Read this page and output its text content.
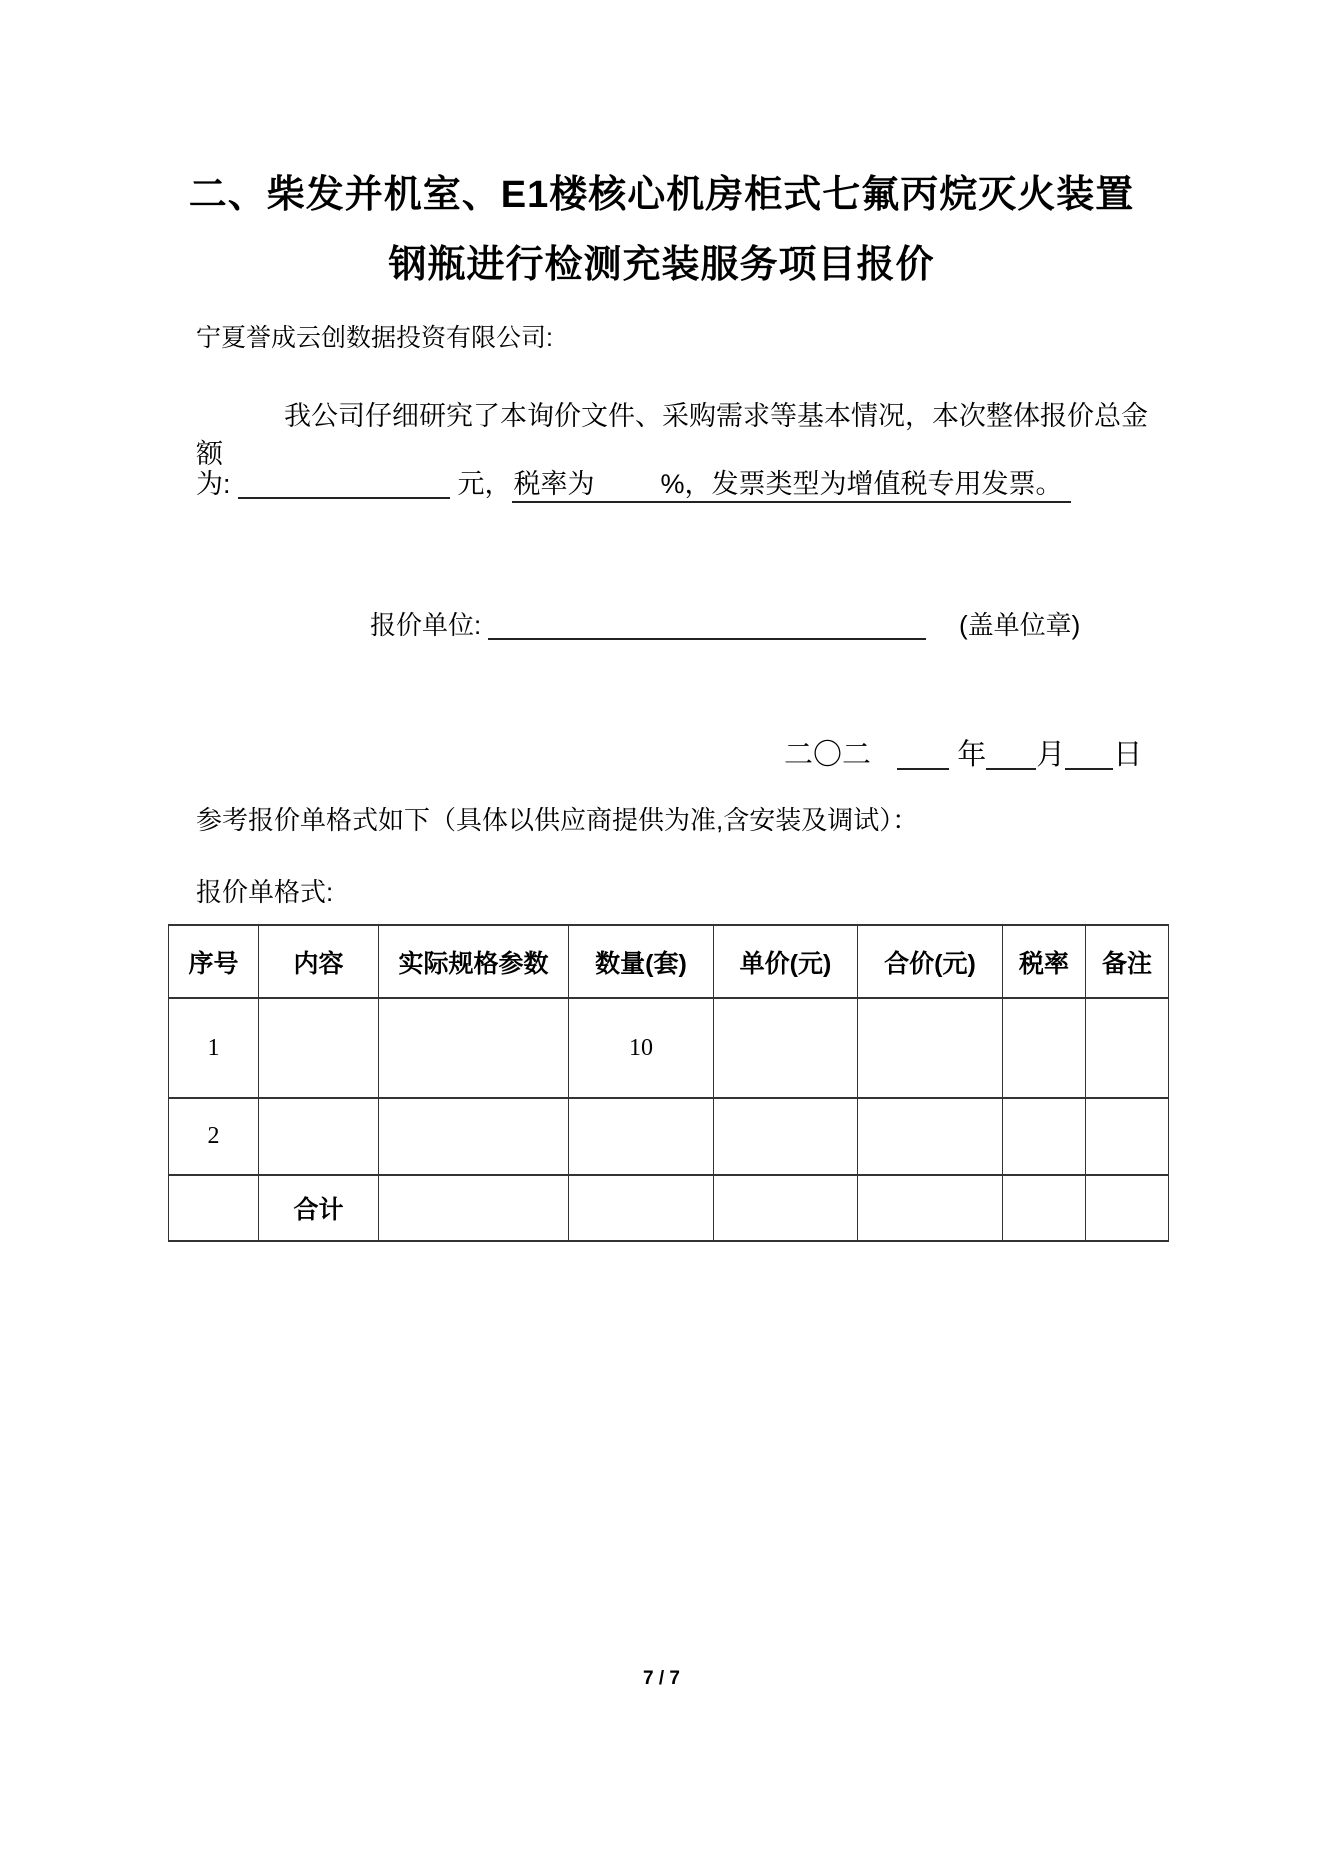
二、柴发并机室、E1楼核心机房柜式七氟丙烷灭火装置
钢瓶进行检测充装服务项目报价
宁夏誉成云创数据投资有限公司:
我公司仔细研究了本询价文件、采购需求等基本情况，本次整体报价总金额
为:	元，税率为 %，发票类型为增值税专用发票。
报价单位:	(盖单位章)
二〇二	年 月 日
参考报价单格式如下（具体以供应商提供为准,含安装及调试）：
报价单格式:
序号	内容	实际规格参数	数量(套)	单价(元)	合价(元)	税率	备注
1			10				
2							
	合计						
7 / 7
